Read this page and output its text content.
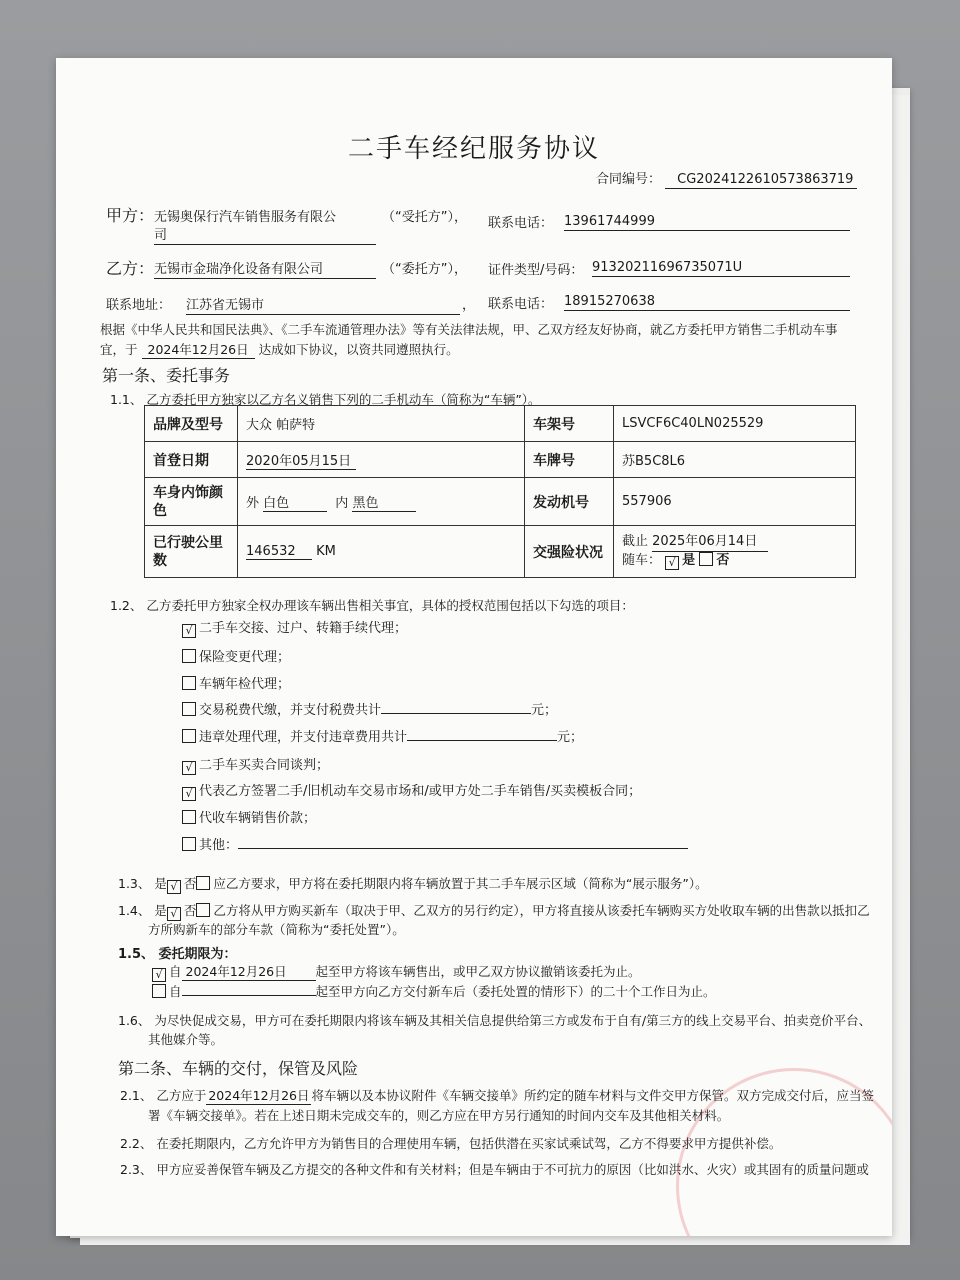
二手车经纪服务协议
合同编号： CG2024122610573863719
甲方： 无锡奥保行汽车销售服务有限公
司
（“受托方”）， 联系电话： 13961744999
乙方： 无锡市金瑞净化设备有限公司	（“委托方”）， 证件类型/号码： 91320211696735071U
联系地址： 江苏省无锡市	， 联系电话： 18915270638
根据《中华人民共和国民法典》、《二手车流通管理办法》等有关法律法规，甲、乙双方经友好协商，就乙方委托甲方销售二手机动车事
宜，于 2024年12月26日 达成如下协议，以资共同遵照执行。
第一条、委托事务
1.1、 乙方委托甲方独家以乙方名义销售下列的二手机动车（简称为“车辆”）。
品牌及型号	大众 帕萨特	车架号	LSVCF6C40LN025529
首登日期	2020年05月15日	车牌号	苏B5C8L6
车身内饰颜色	外 白色 内 黑色	发动机号	557906
已行驶公里数	146532 KM	交强险状况	截止 2025年06月14日
随车： √ 是 否
1.2、 乙方委托甲方独家全权办理该车辆出售相关事宜，具体的授权范围包括以下勾选的项目：
√ 二手车交接、过户、转籍手续代理；
保险变更代理；
车辆年检代理；
交易税费代缴，并支付税费共计	元；
违章处理代理，并支付违章费用共计	元；
√ 二手车买卖合同谈判；
√ 代表乙方签署二手/旧机动车交易市场和/或甲方处二手车销售/买卖模板合同；
代收车辆销售价款；
其他：
1.3、 是 √ 否 应乙方要求，甲方将在委托期限内将车辆放置于其二手车展示区域（简称为“展示服务”）。
1.4、 是 √ 否 乙方将从甲方购买新车（取决于甲、乙双方的另行约定），甲方将直接从该委托车辆购买方处收取车辆的出售款以抵扣乙
方所购新车的部分车款（简称为“委托处置”）。
1.5、 委托期限为：
√ 自 2024年12月26日 起至甲方将该车辆售出，或甲乙双方协议撤销该委托为止。
自	起至甲方向乙方交付新车后（委托处置的情形下）的二十个工作日为止。
1.6、 为尽快促成交易，甲方可在委托期限内将该车辆及其相关信息提供给第三方或发布于自有/第三方的线上交易平台、拍卖竞价平台、
其他媒介等。
第二条、车辆的交付，保管及风险
2.1、 乙方应于 2024年12月26日 将车辆以及本协议附件《车辆交接单》所约定的随车材料与文件交甲方保管。双方完成交付后，应当签
署《车辆交接单》。若在上述日期未完成交车的，则乙方应在甲方另行通知的时间内交车及其他相关材料。
2.2、 在委托期限内，乙方允许甲方为销售目的合理使用车辆，包括供潜在买家试乘试驾，乙方不得要求甲方提供补偿。
2.3、 甲方应妥善保管车辆及乙方提交的各种文件和有关材料；但是车辆由于不可抗力的原因（比如洪水、火灾）或其固有的质量问题或
